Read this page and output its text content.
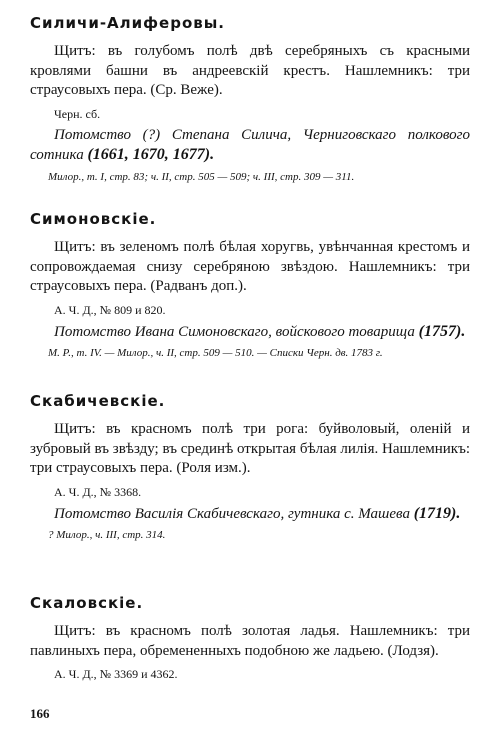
Силичи-Алиферовы.

Щитъ: въ голубомъ полѣ двѣ серебряныхъ съ красными кровлями башни въ андреевскій крестъ. Нашлемникъ: три страусовыхъ пера. (Ср. Веже).

Черн. сб.

Потомство (?) Степана Силича, Черниговскаго полкового сотника (1661, 1670, 1677).

Милор., т. I, стр. 83; ч. II, стр. 505 — 509; ч. III, стр. 309 — 311.

Симоновскіе.

Щитъ: въ зеленомъ полѣ бѣлая хоругвь, увѣнчанная крестомъ и сопровождаемая снизу серебряною звѣздою. Нашлемникъ: три страусовыхъ пера. (Радванъ доп.).

А. Ч. Д., № 809 и 820.

Потомство Ивана Симоновскаго, войскового товарища (1757).

М. Р., т. IV. — Милор., ч. II, стр. 509 — 510. — Списки Черн. дв. 1783 г.

Скабичевскіе.

Щитъ: въ красномъ полѣ три рога: буйволовый, оленій и зубровый въ звѣзду; въ срединѣ открытая бѣлая лилія. Нашлемникъ: три страусовыхъ пера. (Роля изм.).

А. Ч. Д., № 3368.

Потомство Василія Скабичевскаго, гутника с. Машева (1719).

? Милор., ч. III, стр. 314.

Скаловскіе.

Щитъ: въ красномъ полѣ золотая ладья. Нашлемникъ: три павлиныхъ пера, обремененныхъ подобною же ладьею. (Лодзя).

А. Ч. Д., № 3369 и 4362.

166
